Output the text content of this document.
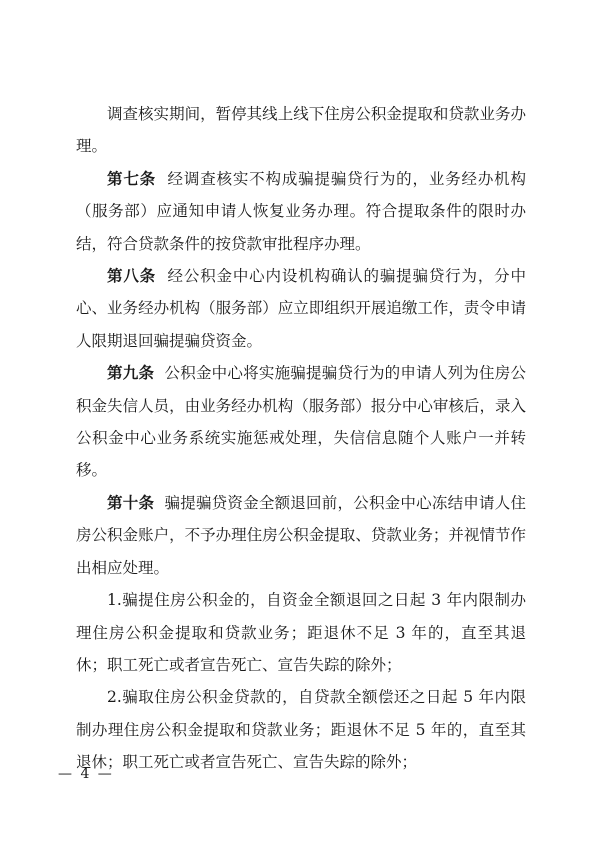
调查核实期间，暂停其线上线下住房公积金提取和贷款业务办理。

第七条 经调查核实不构成骗提骗贷行为的，业务经办机构（服务部）应通知申请人恢复业务办理。符合提取条件的限时办结，符合贷款条件的按贷款审批程序办理。

第八条 经公积金中心内设机构确认的骗提骗贷行为，分中心、业务经办机构（服务部）应立即组织开展追缴工作，责令申请人限期退回骗提骗贷资金。

第九条 公积金中心将实施骗提骗贷行为的申请人列为住房公积金失信人员，由业务经办机构（服务部）报分中心审核后，录入公积金中心业务系统实施惩戒处理，失信信息随个人账户一并转移。

第十条 骗提骗贷资金全额退回前，公积金中心冻结申请人住房公积金账户，不予办理住房公积金提取、贷款业务；并视情节作出相应处理。

1.骗提住房公积金的，自资金全额退回之日起 3 年内限制办理住房公积金提取和贷款业务；距退休不足 3 年的，直至其退休；职工死亡或者宣告死亡、宣告失踪的除外；

2.骗取住房公积金贷款的，自贷款全额偿还之日起 5 年内限制办理住房公积金提取和贷款业务；距退休不足 5 年的，直至其退休；职工死亡或者宣告死亡、宣告失踪的除外；

— 4 —
